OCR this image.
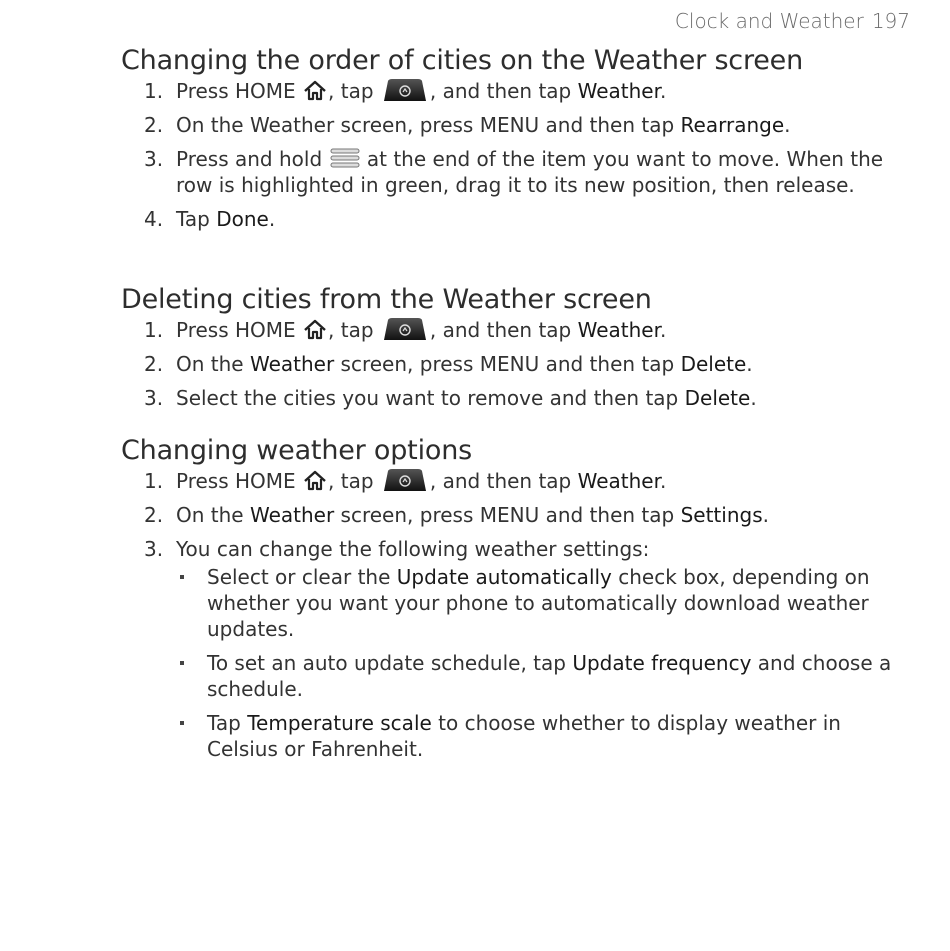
Clock and Weather 197
Changing the order of cities on the Weather screen
1. Press HOME , tap	, and then tap Weather.
2. On the Weather screen, press MENU and then tap Rearrange.
3. Press and hold at the end of the item you want to move. When the row is highlighted in green, drag it to its new position, then release.
4. Tap Done.
Deleting cities from the Weather screen
1. Press HOME , tap	, and then tap Weather.
2. On the Weather screen, press MENU and then tap Delete.
3. Select the cities you want to remove and then tap Delete.
Changing weather options
1. Press HOME , tap	, and then tap Weather.
2. On the Weather screen, press MENU and then tap Settings.
3. You can change the following weather settings:
Select or clear the Update automatically check box, depending on whether you want your phone to automatically download weather updates.
To set an auto update schedule, tap Update frequency and choose a schedule.
Tap Temperature scale to choose whether to display weather in Celsius or Fahrenheit.
